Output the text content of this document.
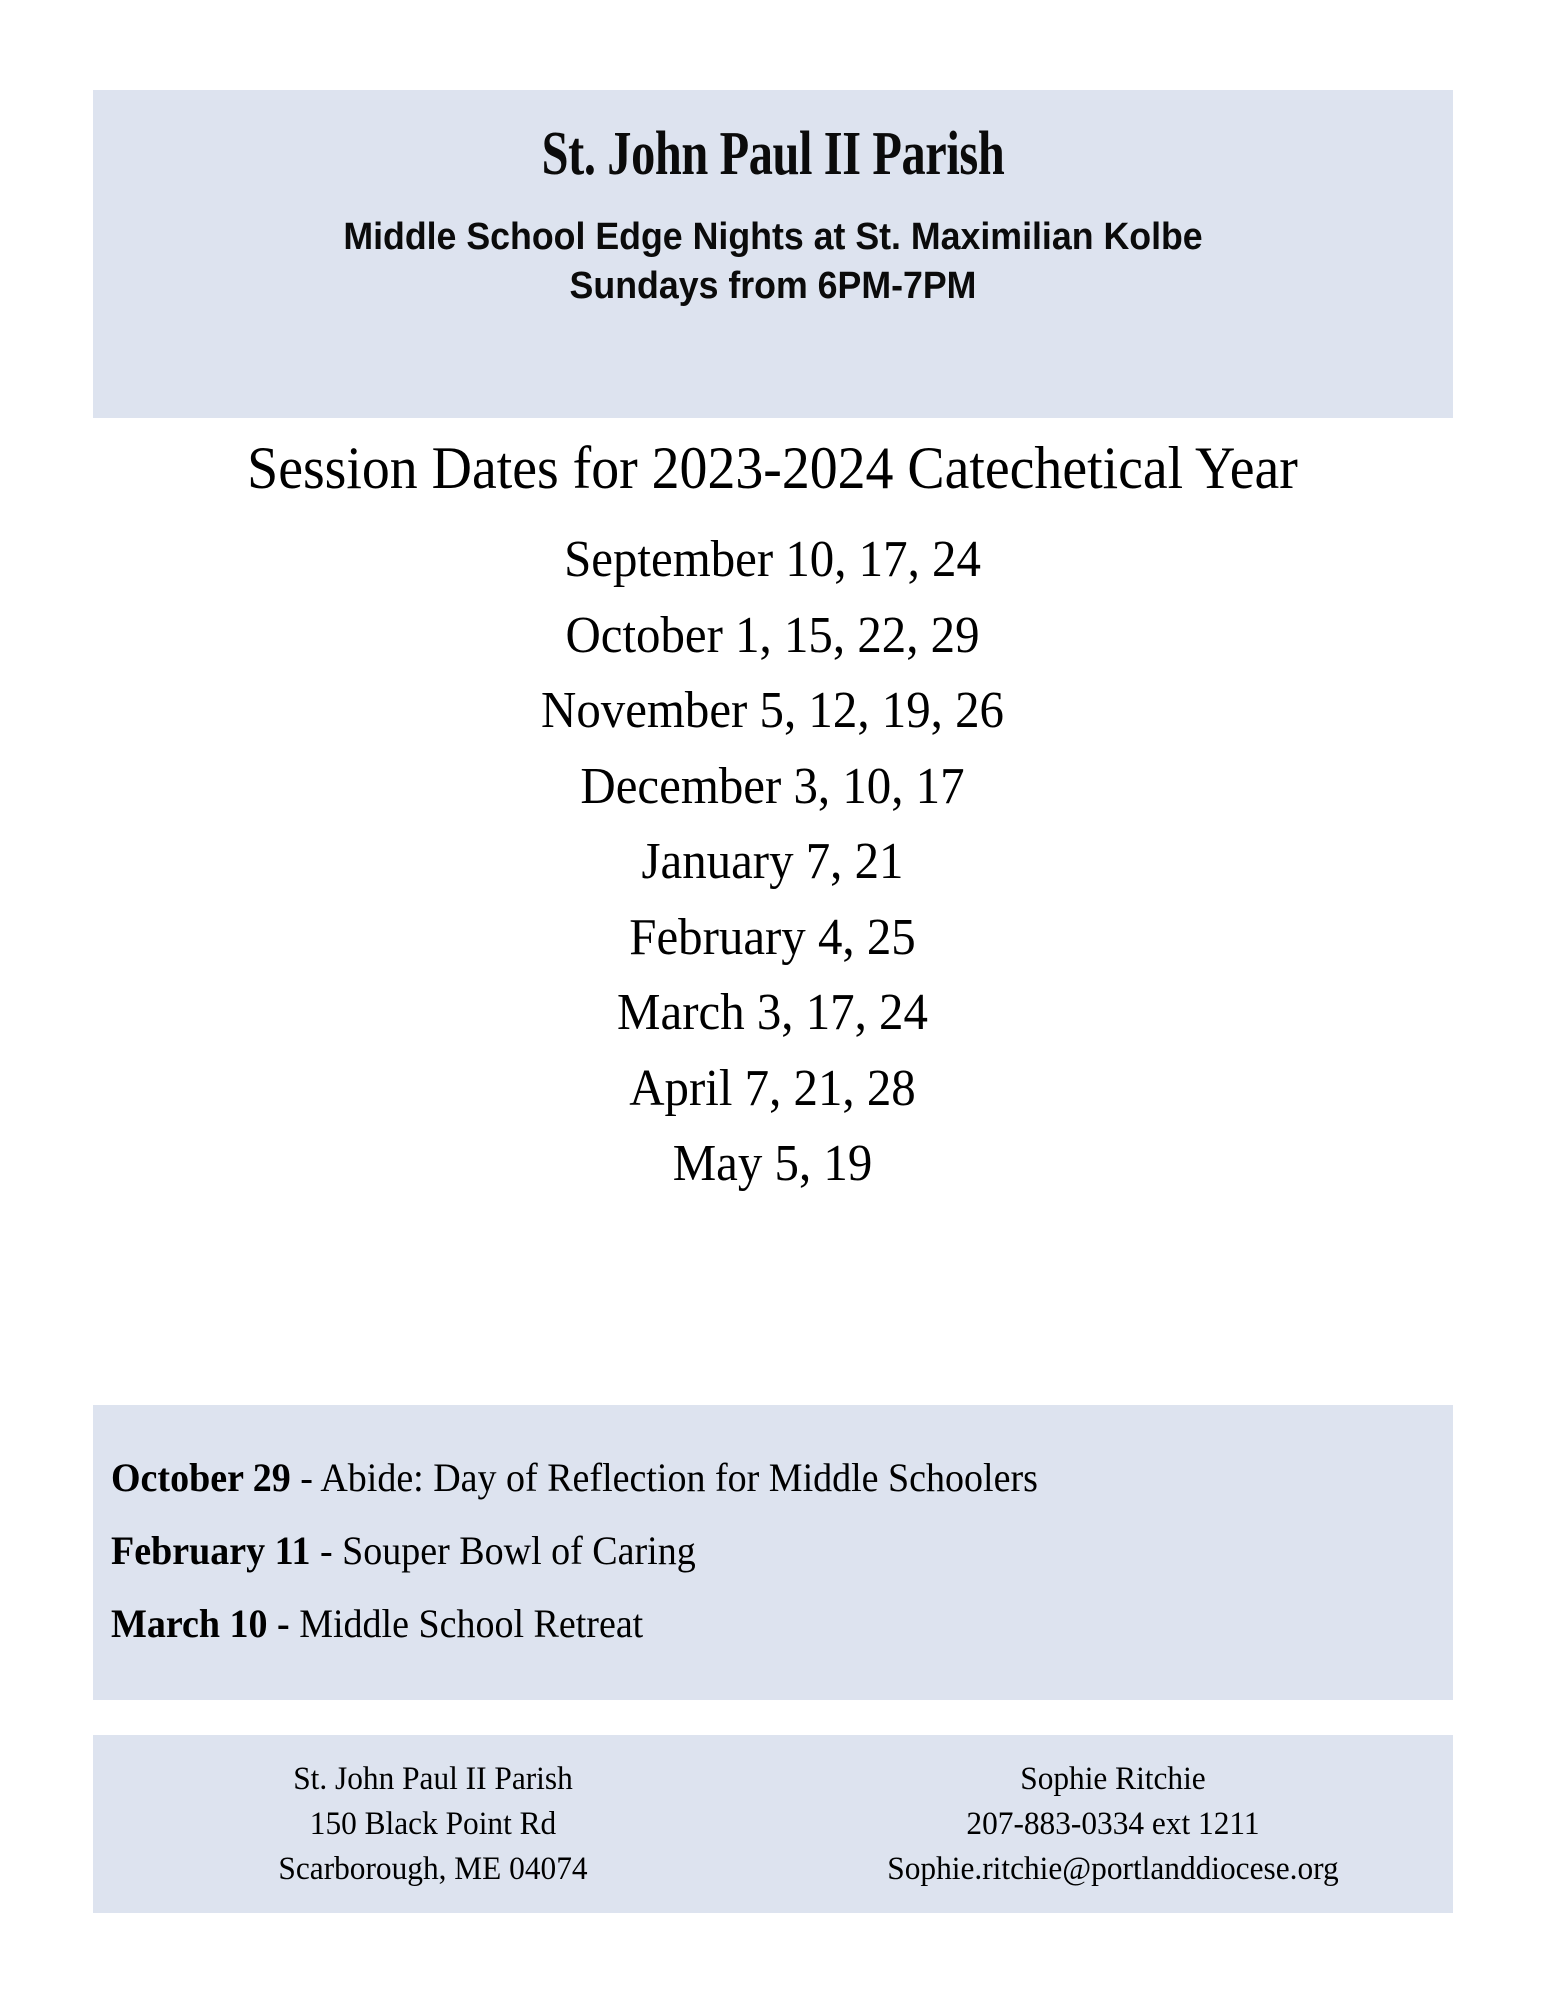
St. John Paul II Parish
Middle School Edge Nights at St. Maximilian Kolbe
Sundays from 6PM-7PM
Session Dates for 2023-2024 Catechetical Year
September 10, 17, 24
October 1, 15, 22, 29
November 5, 12, 19, 26
December 3, 10, 17
January 7, 21
February 4, 25
March 3, 17, 24
April 7, 21, 28
May 5, 19
October 29 - Abide: Day of Reflection for Middle Schoolers
February 11 - Souper Bowl of Caring
March 10 - Middle School Retreat
St. John Paul II Parish
150 Black Point Rd
Scarborough, ME 04074
Sophie Ritchie
207-883-0334 ext 1211
Sophie.ritchie@portlanddiocese.org
